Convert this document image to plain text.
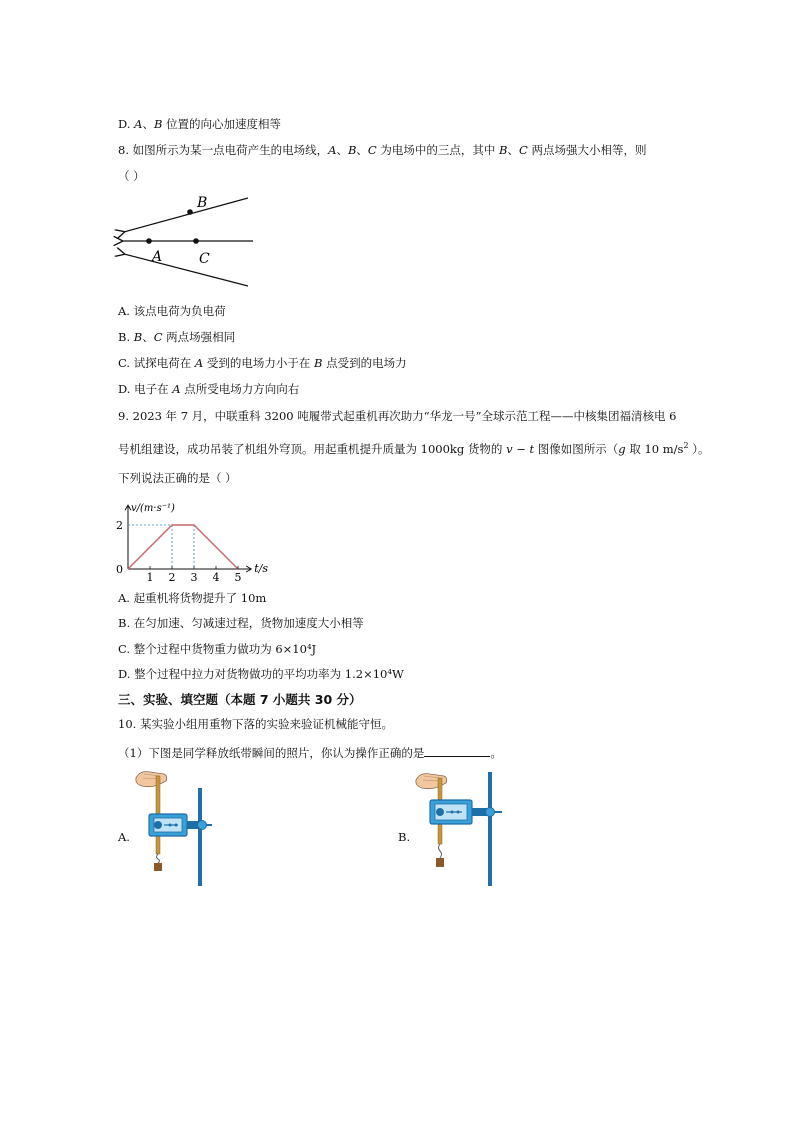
D. A、B 位置的向心加速度相等
8. 如图所示为某一点电荷产生的电场线，A、B、C 为电场中的三点，其中 B、C 两点场强大小相等，则
（ ）
B
A	C
A. 该点电荷为负电荷
B. B、C 两点场强相同
C. 试探电荷在 A 受到的电场力小于在 B 点受到的电场力
D. 电子在 A 点所受电场力方向向右
9. 2023 年 7 月，中联重科 3200 吨履带式起重机再次助力“华龙一号”全球示范工程——中核集团福清核电 6
号机组建设，成功吊装了机组外穹顶。用起重机提升质量为 1000kg 货物的 v − t 图像如图所示（g 取 10 $m/s^2$ ）。
下列说法正确的是（ ）
1 2 3 4 5
2
0
v/(m·s⁻¹)
t/s
A. 起重机将货物提升了 10m
B. 在匀加速、匀减速过程，货物加速度大小相等
C. 整个过程中货物重力做功为 6×10⁴J
D. 整个过程中拉力对货物做功的平均功率为 1.2×10⁴W
三、实验、填空题（本题 7 小题共 30 分）
10. 某实验小组用重物下落的实验来验证机械能守恒。
（1）下图是同学释放纸带瞬间的照片，你认为操作正确的是	。
A.	B.
